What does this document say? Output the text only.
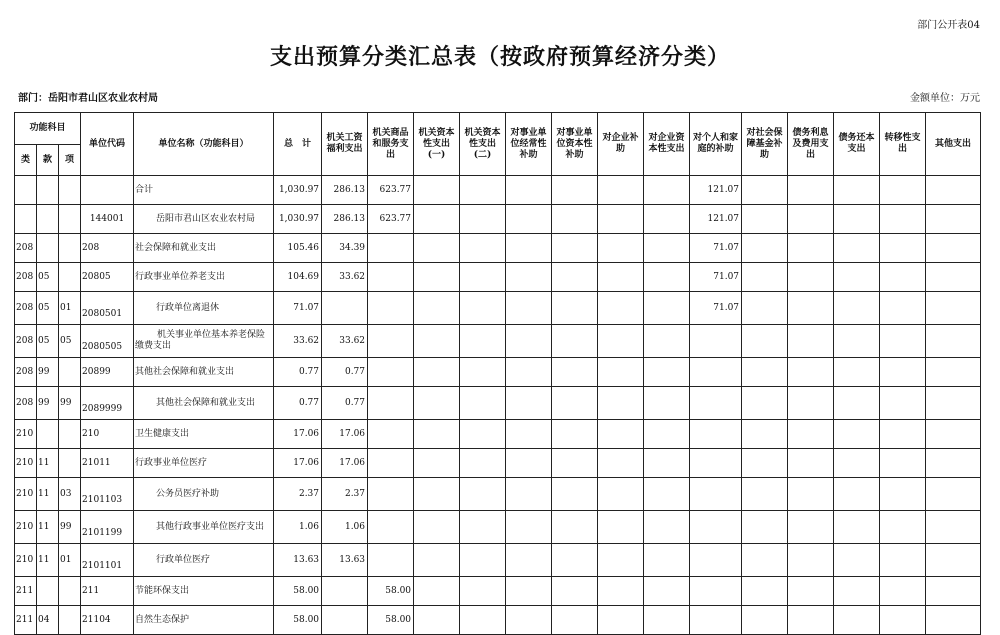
部门公开表04
支出预算分类汇总表（按政府预算经济分类）
部门：岳阳市君山区农业农村局	金额单位：万元
功能科目			单位代码	单位名称（功能科目）	总　计	机关工资福利支出	机关商品和服务支出	机关资本性支出(一)	机关资本性支出(二)	对事业单位经常性补助	对事业单位资本性补助	对企业补助	对企业资本性支出	对个人和家庭的补助	对社会保障基金补助	债务利息及费用支出	债务还本支出	转移性支出	其他支出
类	款	项																	
				合计	1,030.97	286.13	623.77							121.07					
			144001	岳阳市君山区农业农村局	1,030.97	286.13	623.77							121.07					
208			208	社会保障和就业支出	105.46	34.39								71.07					
208	05		20805	行政事业单位养老支出	104.69	33.62								71.07					
208	05	01	2080501	行政单位离退休	71.07									71.07					
208	05	05	2080505	机关事业单位基本养老保险缴费支出	33.62	33.62													
208	99		20899	其他社会保障和就业支出	0.77	0.77													
208	99	99	2089999	其他社会保障和就业支出	0.77	0.77													
210			210	卫生健康支出	17.06	17.06													
210	11		21011	行政事业单位医疗	17.06	17.06													
210	11	03	2101103	公务员医疗补助	2.37	2.37													
210	11	99	2101199	其他行政事业单位医疗支出	1.06	1.06													
210	11	01	2101101	行政单位医疗	13.63	13.63													
211			211	节能环保支出	58.00		58.00												
211	04		21104	自然生态保护	58.00		58.00												
